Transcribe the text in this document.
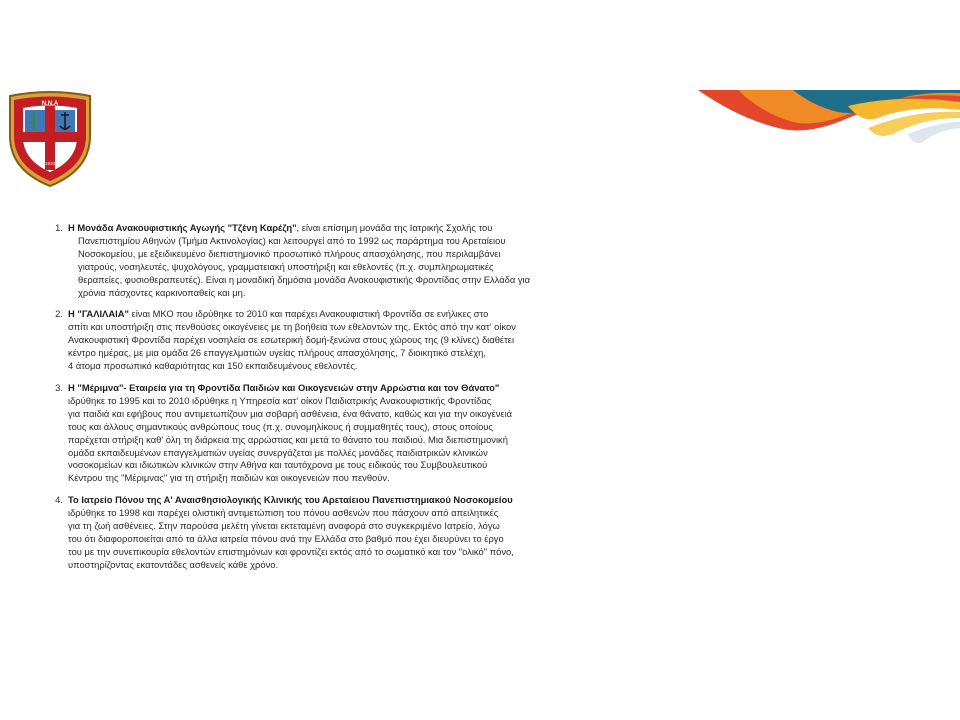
N.N.A
1910
1. Η Μονάδα Ανακουφιστικής Αγωγής "Τζένη Καρέζη", είναι επίσημη μονάδα της Ιατρικής Σχολής του
Πανεπιστημίου Αθηνών (Τμήμα Ακτινολογίας) και λειτουργεί από το 1992 ως παράρτημα του Αρεταίειου
Νοσοκομείου, με εξειδικευμένο διεπιστημονικό προσωπικό πλήρους απασχόλησης, που περιλαμβάνει
γιατρούς, νοσηλευτές, ψυχολόγους, γραμματειακή υποστήριξη και εθελοντές (π.χ. συμπληρωματικές
θεραπείες, φυσιοθεραπευτές). Είναι η μοναδική δημόσια μονάδα Ανακουφιστικής Φροντίδας στην Ελλάδα για
χρόνια πάσχοντες καρκινοπαθείς και μη.
2. Η "ΓΑΛΙΛΑΙΑ" είναι ΜΚΟ που ιδρύθηκε το 2010 και παρέχει Ανακουφιστική Φροντίδα σε ενήλικες στο
σπίτι και υποστήριξη στις πενθούσες οικογένειες με τη βοήθεια των εθελοντών της. Εκτός από την κατ' οίκον
Ανακουφιστική Φροντίδα παρέχει νοσηλεία σε εσωτερική δομή-ξενώνα στους χώρους της (9 κλίνες) διαθέτει
κέντρο ημέρας, με μια ομάδα 26 επαγγελματιών υγείας πλήρους απασχόλησης, 7 διοικητικό στελέχη,
4 άτομα προσωπικό καθαριότητας και 150 εκπαιδευμένους εθελοντές.
3. Η "Μέριμνα"- Εταιρεία για τη Φροντίδα Παιδιών και Οικογενειών στην Αρρώστια και τον Θάνατο"
ιδρύθηκε το 1995 και το 2010 ιδρύθηκε η Υπηρεσία κατ' οίκον Παιδιατρικής Ανακουφιστικής Φροντίδας
για παιδιά και εφήβους που αντιμετωπίζουν μια σοβαρή ασθένεια, ένα θάνατο, καθώς και για την οικογένειά
τους και άλλους σημαντικούς ανθρώπους τους (π.χ. συνομηλίκους ή συμμαθητές τους), στους οποίους
παρέχεται στήριξη καθ' όλη τη διάρκεια της αρρώστιας και μετά το θάνατο του παιδιού. Μια διεπιστημονική
ομάδα εκπαιδευμένων επαγγελματιών υγείας συνεργάζεται με πολλές μονάδες παιδιατρικών κλινικών
νοσοκομείων και ιδιωτικών κλινικών στην Αθήνα και ταυτόχρονα με τους ειδικούς του Συμβουλευτικού
Κέντρου της "Μέριμνας" για τη στήριξη παιδιών και οικογενειών που πενθούν.
4. Το Ιατρείο Πόνου της Α' Αναισθησιολογικής Κλινικής του Αρεταίειου Πανεπιστημιακού Νοσοκομείου
ιδρύθηκε το 1998 και παρέχει ολιστική αντιμετώπιση του πόνου ασθενών που πάσχουν από απειλητικές
για τη ζωή ασθένειες. Στην παρούσα μελέτη γίνεται εκτεταμένη αναφορά στο συγκεκριμένο Ιατρείο, λόγω
του ότι διαφοροποιείται από τα άλλα ιατρεία πόνου ανά την Ελλάδα στο βαθμό που έχει διευρύνει το έργο
του με την συνεπικουρία εθελοντών επιστημόνων και φροντίζει εκτός από το σωματικό και τον "ολικό" πόνο,
υποστηρίζοντας εκατοντάδες ασθενείς κάθε χρόνο.
